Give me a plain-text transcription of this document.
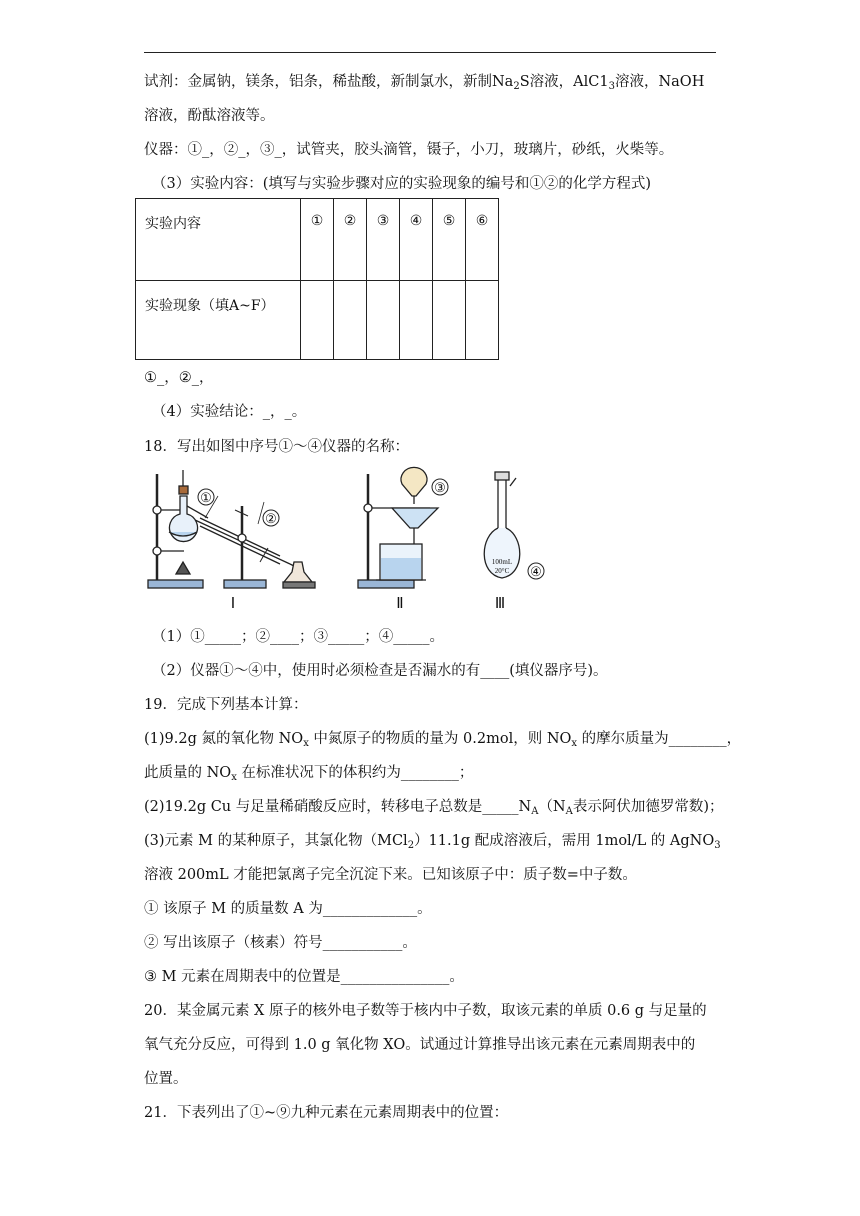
试剂：金属钠，镁条，铝条，稀盐酸，新制氯水，新制$Na_2S$溶液，$AlC1_3$溶液，NaOH
溶液，酚酞溶液等。
仪器：①_，②_，③_，试管夹，胶头滴管，镊子，小刀，玻璃片，砂纸，火柴等。
（3）实验内容：(填写与实验步骤对应的实验现象的编号和①②的化学方程式)
实验内容	①	②	③	④	⑤	⑥
实验现象（填A~F）						
①_，②_，
（4）实验结论：_，_。
18．写出如图中序号①～④仪器的名称：
①
②
③
④
100mL
20°C
Ⅰ	Ⅱ	Ⅲ
（1）①_____；②____；③_____；④_____。
（2）仪器①～④中，使用时必须检查是否漏水的有____(填仪器序号)。
19．完成下列基本计算：
(1)9.2g 氮的氧化物 $NO_x$ 中氮原子的物质的量为 0.2mol，则 $NO_x$ 的摩尔质量为________，
此质量的 $NO_x$ 在标准状况下的体积约为________；
(2)19.2g Cu 与足量稀硝酸反应时，转移电子总数是$\_\_\_\_\_N_A(N_A$表示阿伏加德罗常数)；
(3)元素 M 的某种原子，其氯化物（MCl$_2$）11.1g 配成溶液后，需用 1mol/L 的 AgNO$_3$
溶液 200mL 才能把氯离子完全沉淀下来。已知该原子中：质子数=中子数。
① 该原子 M 的质量数 A 为_____________。
② 写出该原子（核素）符号___________。
③ M 元素在周期表中的位置是_______________。
20．某金属元素 X 原子的核外电子数等于核内中子数，取该元素的单质 0.6 g 与足量的
氧气充分反应，可得到 1.0 g 氧化物 XO。试通过计算推导出该元素在元素周期表中的
位置。
21．下表列出了①~⑨九种元素在元素周期表中的位置：
